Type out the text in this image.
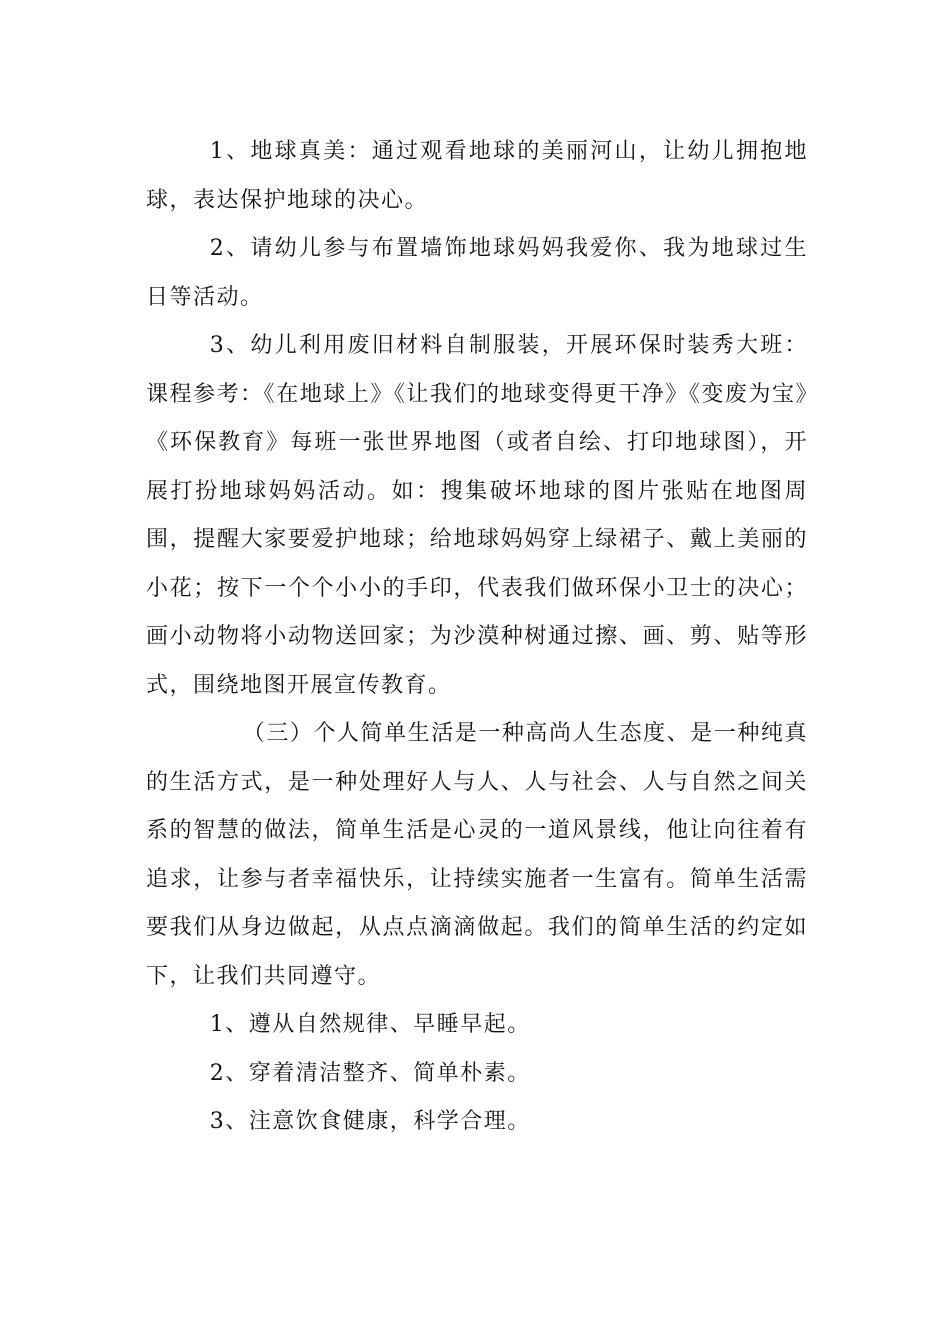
1、地球真美：通过观看地球的美丽河山，让幼儿拥抱地球，表达保护地球的决心。

2、请幼儿参与布置墙饰地球妈妈我爱你、我为地球过生日等活动。

3、幼儿利用废旧材料自制服装，开展环保时装秀大班：课程参考：《在地球上》《让我们的地球变得更干净》《变废为宝》《环保教育》每班一张世界地图（或者自绘、打印地球图），开展打扮地球妈妈活动。如：搜集破坏地球的图片张贴在地图周围，提醒大家要爱护地球；给地球妈妈穿上绿裙子、戴上美丽的小花；按下一个个小小的手印，代表我们做环保小卫士的决心；画小动物将小动物送回家；为沙漠种树通过擦、画、剪、贴等形式，围绕地图开展宣传教育。

（三）个人简单生活是一种高尚人生态度、是一种纯真的生活方式，是一种处理好人与人、人与社会、人与自然之间关系的智慧的做法，简单生活是心灵的一道风景线，他让向往着有追求，让参与者幸福快乐，让持续实施者一生富有。简单生活需要我们从身边做起，从点点滴滴做起。我们的简单生活的约定如下，让我们共同遵守。

1、遵从自然规律、早睡早起。

2、穿着清洁整齐、简单朴素。

3、注意饮食健康，科学合理。
